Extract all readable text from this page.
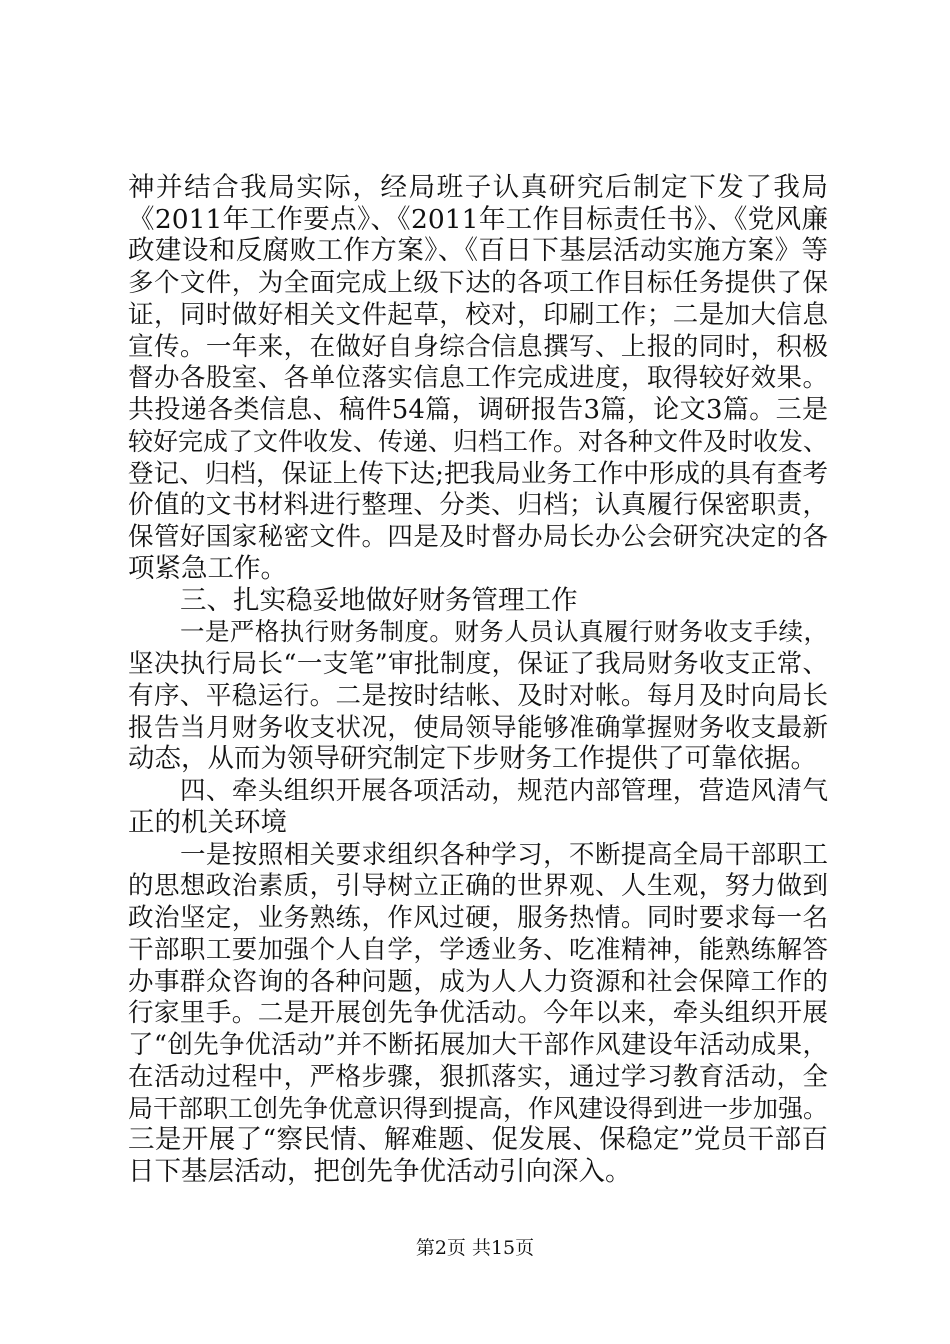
神并结合我局实际，经局班子认真研究后制定下发了我局
《2011年工作要点》、《2011年工作目标责任书》、《党风廉
政建设和反腐败工作方案》、《百日下基层活动实施方案》等
多个文件，为全面完成上级下达的各项工作目标任务提供了保
证，同时做好相关文件起草，校对，印刷工作；二是加大信息
宣传。一年来，在做好自身综合信息撰写、上报的同时，积极
督办各股室、各单位落实信息工作完成进度，取得较好效果。
共投递各类信息、稿件54篇，调研报告3篇，论文3篇。三是
较好完成了文件收发、传递、归档工作。对各种文件及时收发、
登记、归档，保证上传下达;把我局业务工作中形成的具有查考
价值的文书材料进行整理、分类、归档；认真履行保密职责，
保管好国家秘密文件。四是及时督办局长办公会研究决定的各
项紧急工作。
三、扎实稳妥地做好财务管理工作
一是严格执行财务制度。财务人员认真履行财务收支手续，
坚决执行局长“一支笔”审批制度，保证了我局财务收支正常、
有序、平稳运行。二是按时结帐、及时对帐。每月及时向局长
报告当月财务收支状况，使局领导能够准确掌握财务收支最新
动态，从而为领导研究制定下步财务工作提供了可靠依据。
四、牵头组织开展各项活动，规范内部管理，营造风清气
正的机关环境
一是按照相关要求组织各种学习，不断提高全局干部职工
的思想政治素质，引导树立正确的世界观、人生观，努力做到
政治坚定，业务熟练，作风过硬，服务热情。同时要求每一名
干部职工要加强个人自学，学透业务、吃准精神，能熟练解答
办事群众咨询的各种问题，成为人人力资源和社会保障工作的
行家里手。二是开展创先争优活动。今年以来，牵头组织开展
了“创先争优活动”并不断拓展加大干部作风建设年活动成果，
在活动过程中，严格步骤，狠抓落实，通过学习教育活动，全
局干部职工创先争优意识得到提高，作风建设得到进一步加强。
三是开展了“察民情、解难题、促发展、保稳定”党员干部百
日下基层活动，把创先争优活动引向深入。
第2页 共15页
